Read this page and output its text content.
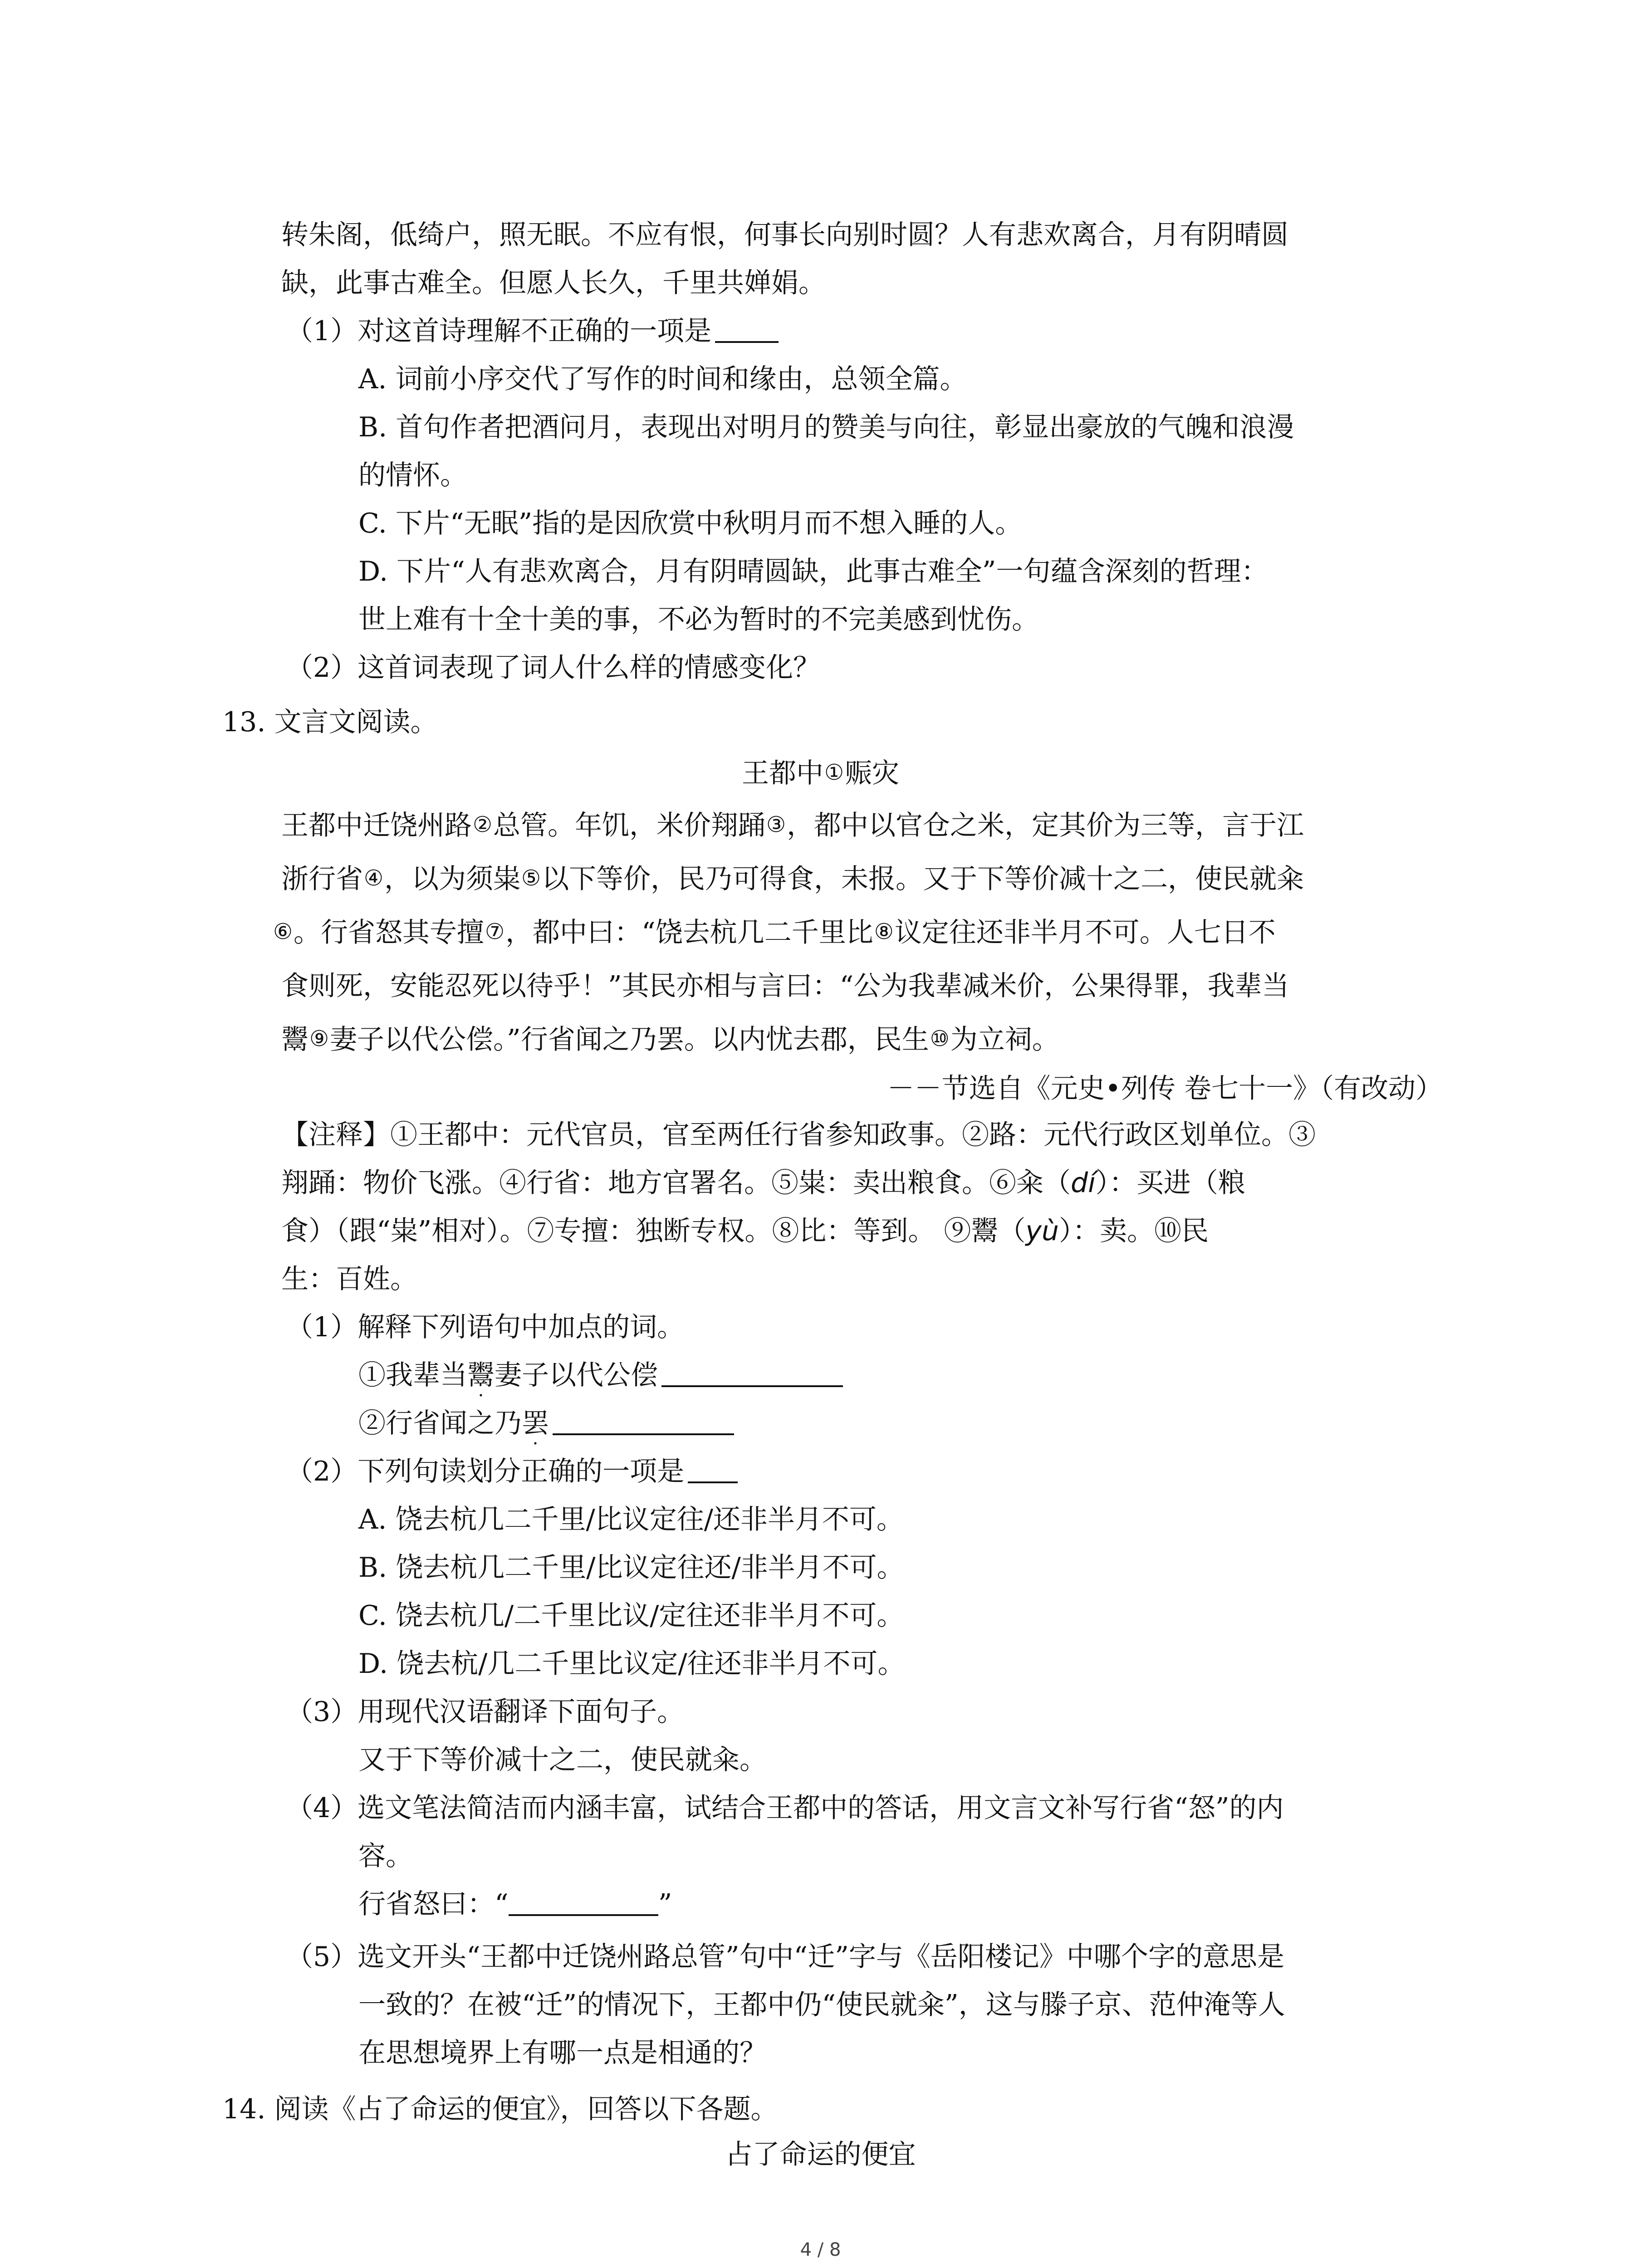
转朱阁，低绮户，照无眠。不应有恨，何事长向别时圆？人有悲欢离合，月有阴晴圆
缺，此事古难全。但愿人长久，千里共婵娟。
（1）对这首诗理解不正确的一项是
A. 词前小序交代了写作的时间和缘由，总领全篇。
B. 首句作者把酒问月，表现出对明月的赞美与向往，彰显出豪放的气魄和浪漫
的情怀。
C. 下片“无眠”指的是因欣赏中秋明月而不想入睡的人。
D. 下片“人有悲欢离合，月有阴晴圆缺，此事古难全”一句蕴含深刻的哲理：
世上难有十全十美的事，不必为暂时的不完美感到忧伤。
（2）这首词表现了词人什么样的情感变化？
13. 文言文阅读。
王都中①赈灾
王都中迁饶州路②总管。年饥，米价翔踊③，都中以官仓之米，定其价为三等，言于江
浙行省④，以为须粜⑤以下等价，民乃可得食，未报。又于下等价减十之二，使民就籴
⑥。行省怒其专擅⑦，都中曰：“饶去杭几二千里比⑧议定往还非半月不可。人七日不
食则死，安能忍死以待乎！”其民亦相与言曰：“公为我辈减米价，公果得罪，我辈当
鬻⑨妻子以代公偿。”行省闻之乃罢。以内忧去郡，民生⑩为立祠。
－－节选自《元史•列传 卷七十一》（有改动）
【注释】①王都中：元代官员，官至两任行省参知政事。②路：元代行政区划单位。③
翔踊：物价飞涨。④行省：地方官署名。⑤粜：卖出粮食。⑥籴（dí）：买进（粮
食）（跟“粜”相对）。⑦专擅：独断专权。⑧比：等到。 ⑨鬻（yù）：卖。⑩民
生：百姓。
（1）解释下列语句中加点的词。
①我辈当鬻妻子以代公偿
②行省闻之乃罢
（2）下列句读划分正确的一项是
A. 饶去杭几二千里/比议定往/还非半月不可。
B. 饶去杭几二千里/比议定往还/非半月不可。
C. 饶去杭几/二千里比议/定往还非半月不可。
D. 饶去杭/几二千里比议定/往还非半月不可。
（3）用现代汉语翻译下面句子。
又于下等价减十之二，使民就籴。
（4）选文笔法简洁而内涵丰富，试结合王都中的答话，用文言文补写行省“怒”的内
容。
行省怒曰：“	”
（5）选文开头“王都中迁饶州路总管”句中“迁”字与《岳阳楼记》中哪个字的意思是
一致的？在被“迁”的情况下，王都中仍“使民就籴”，这与滕子京、范仲淹等人
在思想境界上有哪一点是相通的？
14. 阅读《占了命运的便宜》，回答以下各题。
占了命运的便宜
4 / 8
